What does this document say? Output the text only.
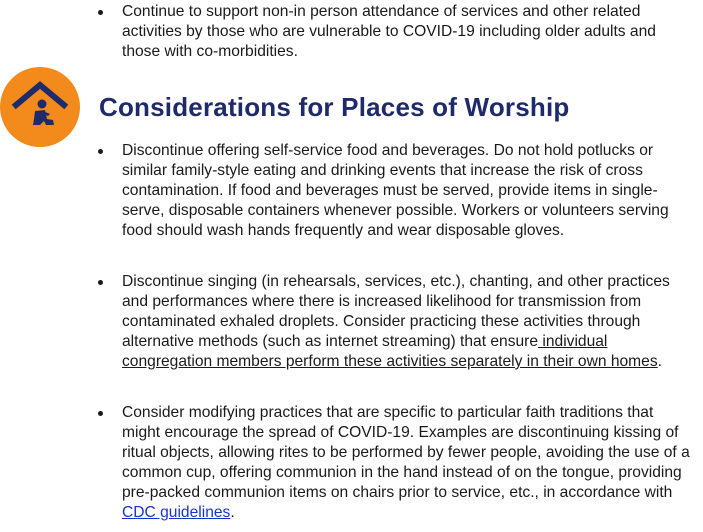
Continue to support non-in person attendance of services and other related activities by those who are vulnerable to COVID-19 including older adults and those with co-morbidities.
Considerations for Places of Worship
Discontinue offering self-service food and beverages. Do not hold potlucks or similar family-style eating and drinking events that increase the risk of cross contamination. If food and beverages must be served, provide items in single-serve, disposable containers whenever possible. Workers or volunteers serving food should wash hands frequently and wear disposable gloves.
Discontinue singing (in rehearsals, services, etc.), chanting, and other practices and performances where there is increased likelihood for transmission from contaminated exhaled droplets. Consider practicing these activities through alternative methods (such as internet streaming) that ensure individual congregation members perform these activities separately in their own homes.
Consider modifying practices that are specific to particular faith traditions that might encourage the spread of COVID-19. Examples are discontinuing kissing of ritual objects, allowing rites to be performed by fewer people, avoiding the use of a common cup, offering communion in the hand instead of on the tongue, providing pre-packed communion items on chairs prior to service, etc., in accordance with CDC guidelines.
